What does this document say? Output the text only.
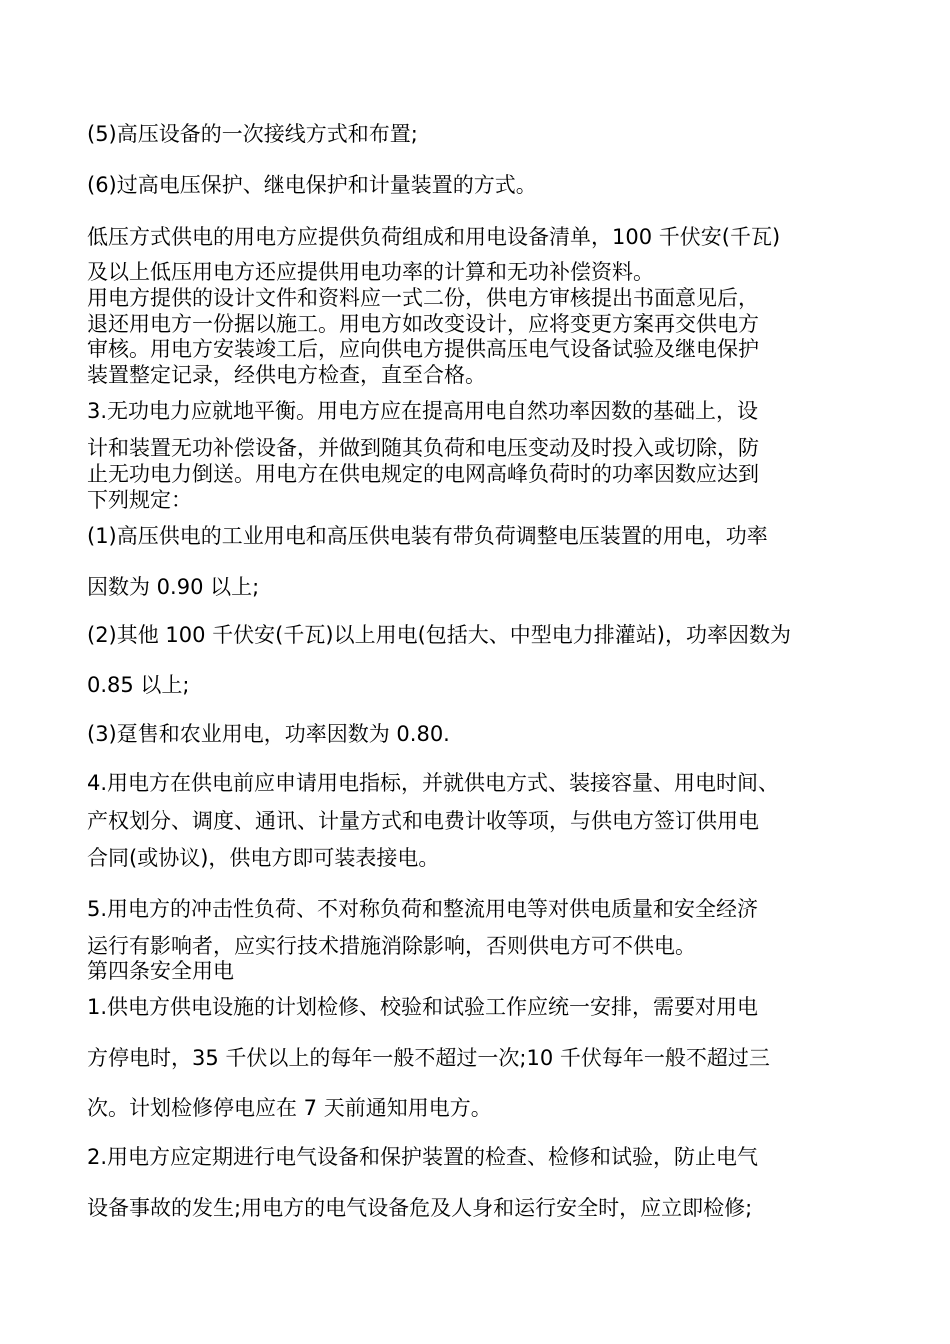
(5)高压设备的一次接线方式和布置;

(6)过高电压保护、继电保护和计量装置的方式。

低压方式供电的用电方应提供负荷组成和用电设备清单，100 千伏安(千瓦)

及以上低压用电方还应提供用电功率的计算和无功补偿资料。

用电方提供的设计文件和资料应一式二份，供电方审核提出书面意见后，

退还用电方一份据以施工。用电方如改变设计，应将变更方案再交供电方

审核。用电方安装竣工后，应向供电方提供高压电气设备试验及继电保护

装置整定记录，经供电方检查，直至合格。

3.无功电力应就地平衡。用电方应在提高用电自然功率因数的基础上，设

计和装置无功补偿设备，并做到随其负荷和电压变动及时投入或切除，防

止无功电力倒送。用电方在供电规定的电网高峰负荷时的功率因数应达到

下列规定：

(1)高压供电的工业用电和高压供电装有带负荷调整电压装置的用电，功率

因数为 0.90 以上;

(2)其他 100 千伏安(千瓦)以上用电(包括大、中型电力排灌站)，功率因数为

0.85 以上;

(3)趸售和农业用电，功率因数为 0.80.

4.用电方在供电前应申请用电指标，并就供电方式、装接容量、用电时间、

产权划分、调度、通讯、计量方式和电费计收等项，与供电方签订供用电

合同(或协议)，供电方即可装表接电。

5.用电方的冲击性负荷、不对称负荷和整流用电等对供电质量和安全经济

运行有影响者，应实行技术措施消除影响，否则供电方可不供电。

第四条安全用电

1.供电方供电设施的计划检修、校验和试验工作应统一安排，需要对用电

方停电时，35 千伏以上的每年一般不超过一次;10 千伏每年一般不超过三

次。计划检修停电应在 7 天前通知用电方。

2.用电方应定期进行电气设备和保护装置的检查、检修和试验，防止电气

设备事故的发生;用电方的电气设备危及人身和运行安全时，应立即检修;
